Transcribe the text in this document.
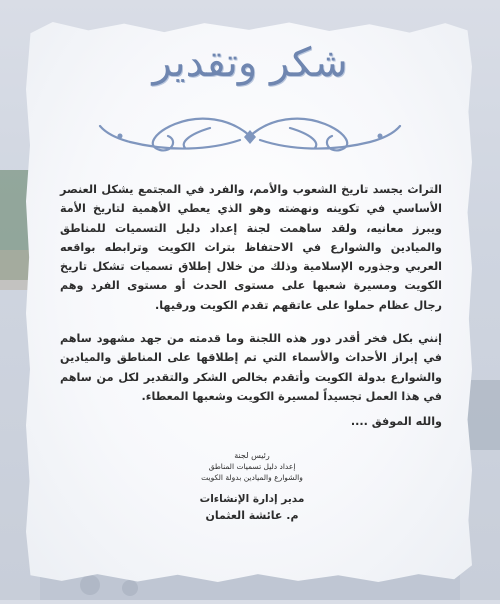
شكر وتقدير

التراث يجسد تاريخ الشعوب والأمم، والفرد في المجتمع يشكل العنصر الأساسي في تكوينه ونهضته وهو الذي يعطي الأهمية لتاريخ الأمة ويبرز معانيه، ولقد ساهمت لجنة إعداد دليل التسميات للمناطق والميادين والشوارع في الاحتفاظ بتراث الكويت وترابطه بواقعه العربي وجذوره الإسلامية وذلك من خلال إطلاق تسميات تشكل تاريخ الكويت ومسيرة شعبها على مستوى الحدث أو مستوى الفرد وهم رجال عظام حملوا على عاتقهم تقدم الكويت ورقيها.

إنني بكل فخر أقدر دور هذه اللجنة وما قدمته من جهد مشهود ساهم في إبراز الأحداث والأسماء التي تم إطلاقها على المناطق والميادين والشوارع بدولة الكويت وأتقدم بخالص الشكر والتقدير لكل من ساهم في هذا العمل تجسيداً لمسيرة الكويت وشعبها المعطاء.

والله الموفق ....

رئيس لجنة
إعداد دليل تسميات المناطق
والشوارع والميادين بدولة الكويت
مدير إدارة الإنشاءات
م. عائشة العثمان
